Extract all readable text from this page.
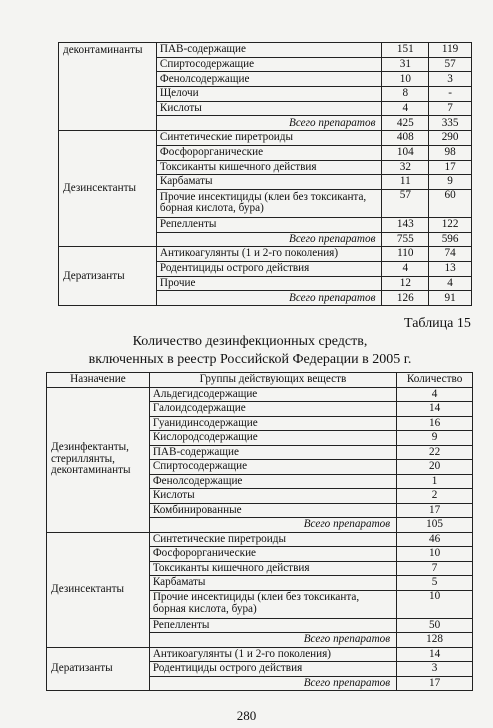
деконтаминанты	ПАВ-содержащие	151	119
	Спиртосодержащие	31	57
	Фенолсодержащие	10	3
	Щелочи	8	-
	Кислоты	4	7
	Всего препаратов	425	335
Дезинсектанты	Синтетические пиретроиды	408	290
	Фосфорорганические	104	98
	Токсиканты кишечного действия	32	17
	Карбаматы	11	9
	Прочие инсектициды (клеи без токсиканта, борная кислота, бура)	57	60
	Репелленты	143	122
	Всего препаратов	755	596
Дератизанты	Антикоагулянты (1 и 2-го поколения)	110	74
	Родентициды острого действия	4	13
	Прочие	12	4
	Всего препаратов	126	91

Таблица 15

Количество дезинфекционных средств,
включенных в реестр Российской Федерации в 2005 г.

Назначение	Группы действующих веществ	Количество
Дезинфектанты, стериллянты, деконтаминанты	Альдегидсодержащие	4
	Галоидсодержащие	14
	Гуанидинсодержащие	16
	Кислородсодержащие	9
	ПАВ-содержащие	22
	Спиртосодержащие	20
	Фенолсодержащие	1
	Кислоты	2
	Комбинированные	17
	Всего препаратов	105
Дезинсектанты	Синтетические пиретроиды	46
	Фосфорорганические	10
	Токсиканты кишечного действия	7
	Карбаматы	5
	Прочие инсектициды (клеи без токсиканта, борная кислота, бура)	10
	Репелленты	50
	Всего препаратов	128
Дератизанты	Антикоагулянты (1 и 2-го поколения)	14
	Родентициды острого действия	3
	Всего препаратов	17

280
